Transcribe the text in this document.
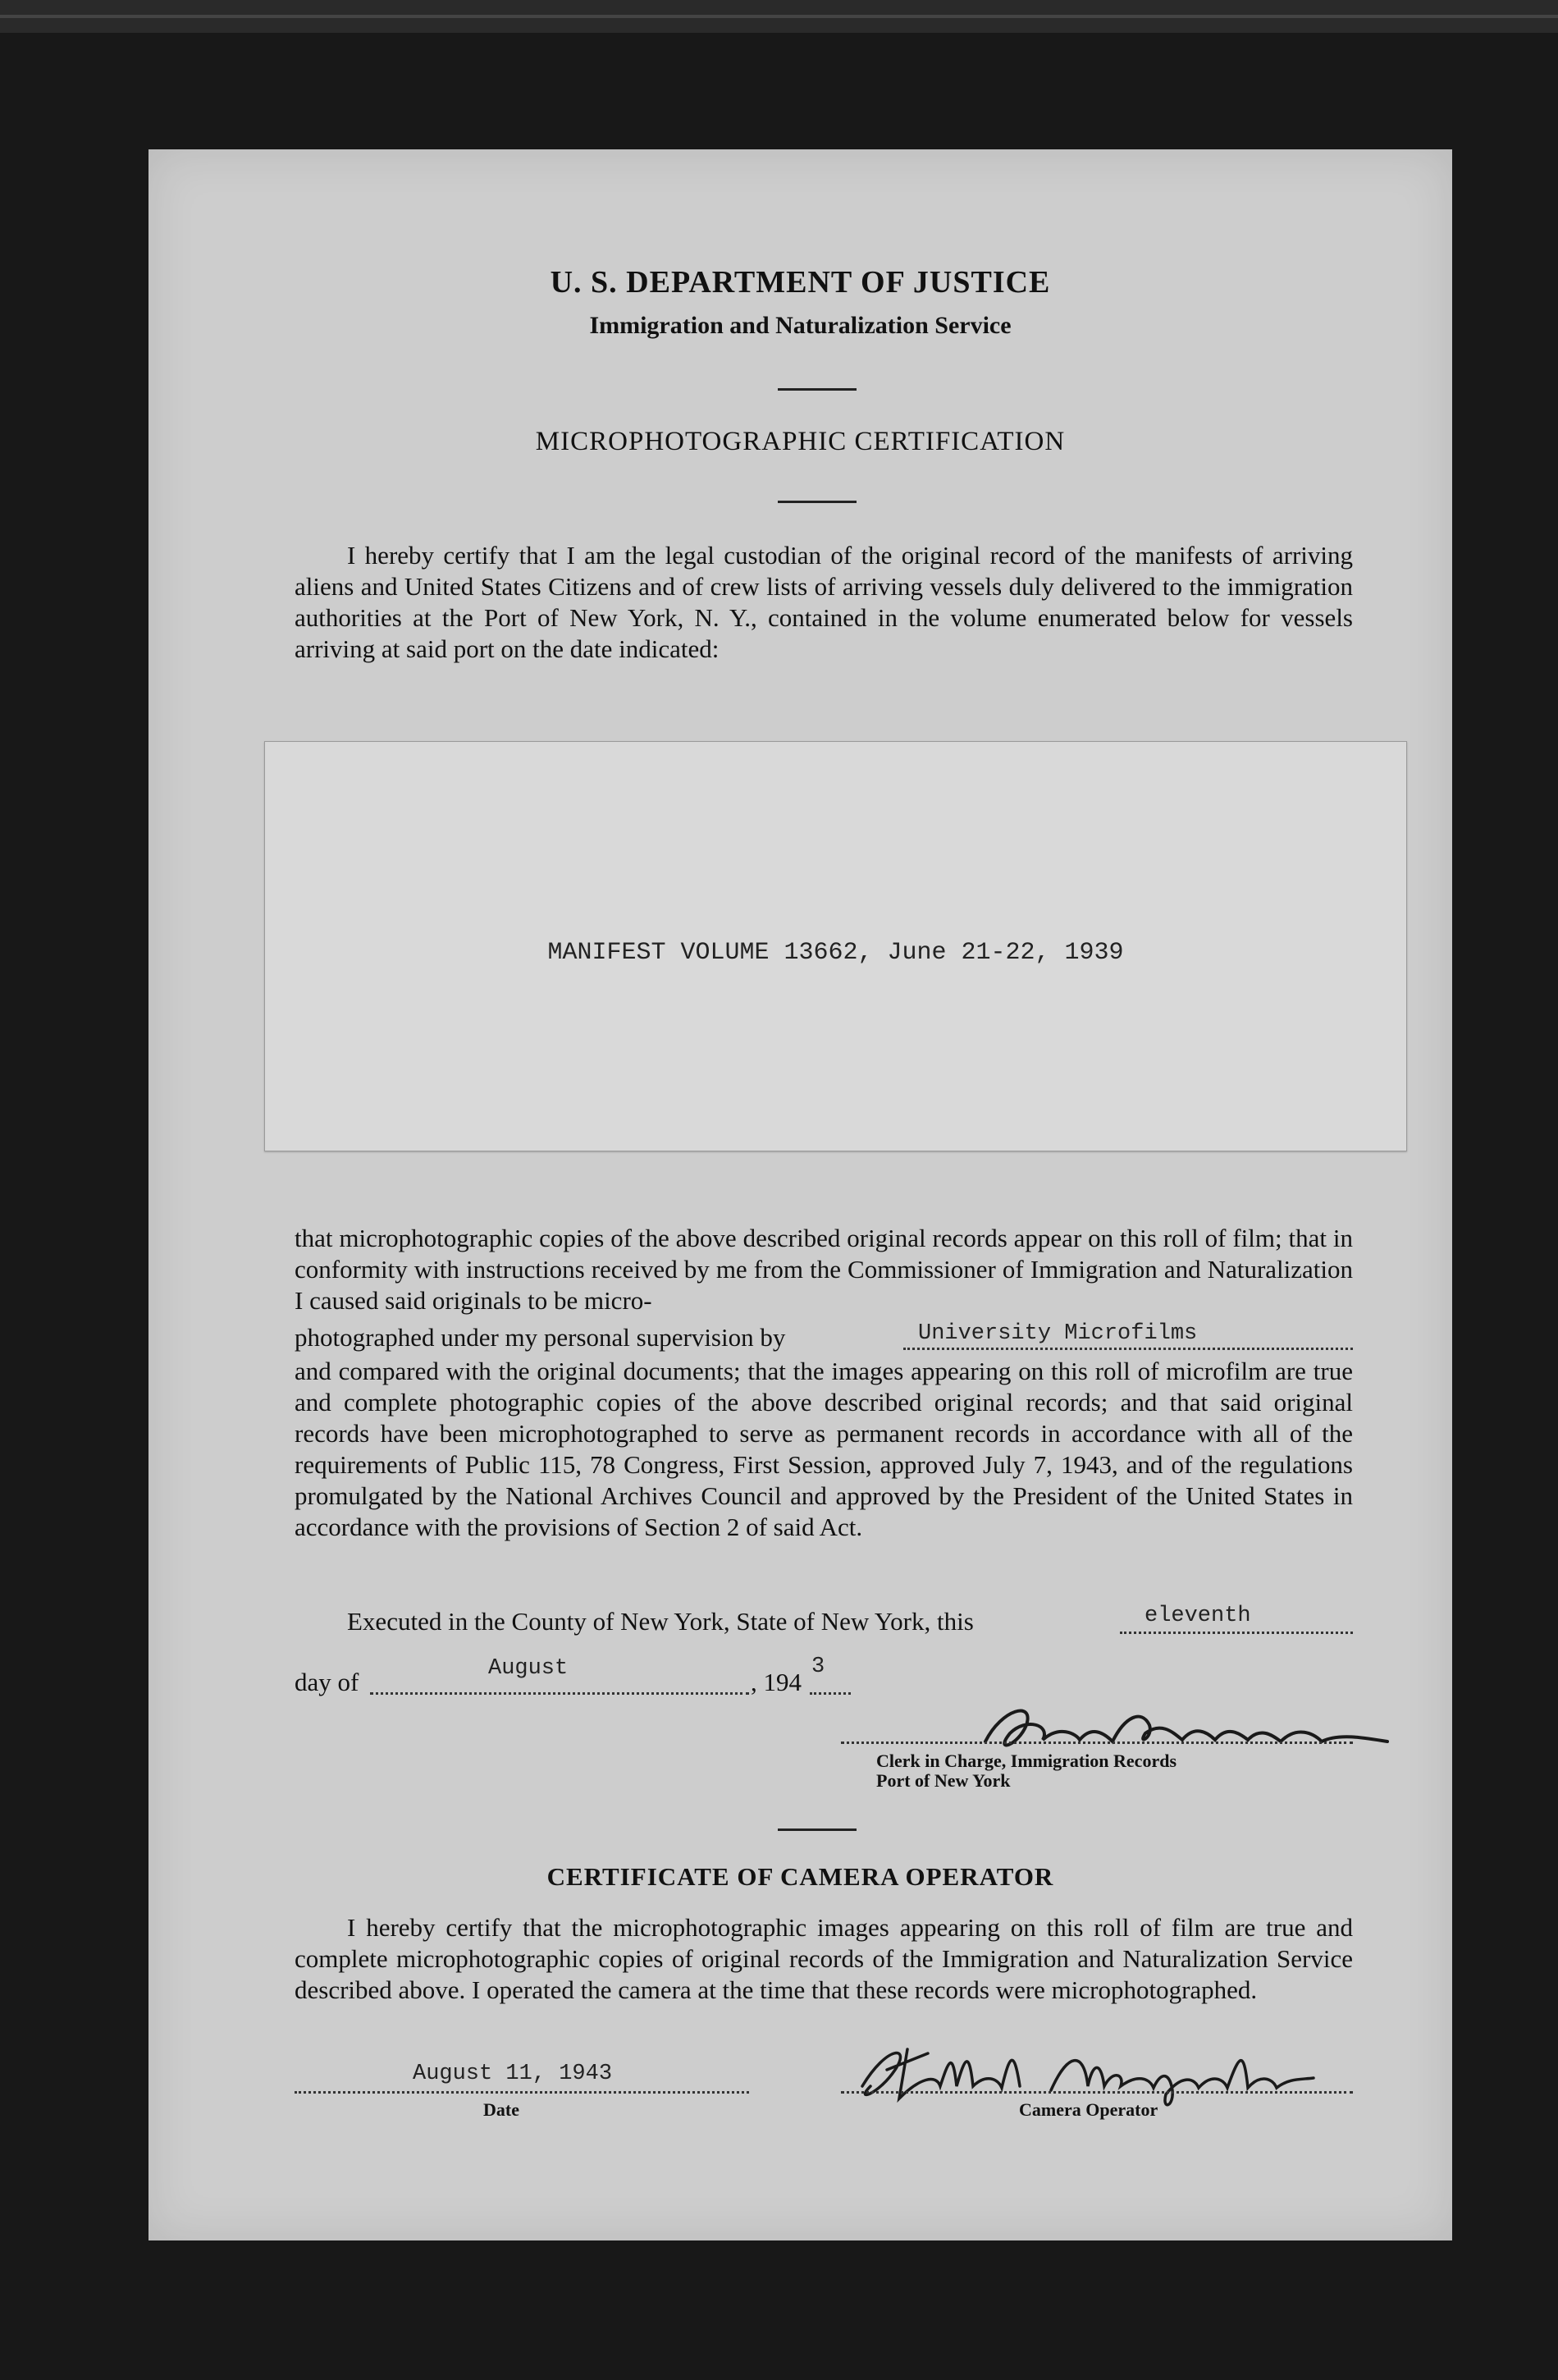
U. S. DEPARTMENT OF JUSTICE
Immigration and Naturalization Service
MICROPHOTOGRAPHIC CERTIFICATION

I hereby certify that I am the legal custodian of the original record of the manifests of arriving aliens and United States Citizens and of crew lists of arriving vessels duly delivered to the immigration authorities at the Port of New York, N. Y., contained in the volume enumerated below for vessels arriving at said port on the date indicated:

MANIFEST VOLUME 13662, June 21-22, 1939

that microphotographic copies of the above described original records appear on this roll of film; that in conformity with instructions received by me from the Commissioner of Immigration and Naturalization I caused said originals to be micro-

photographed under my personal supervision by	University Microfilms

and compared with the original documents; that the images appearing on this roll of microfilm are true and complete photographic copies of the above described original records; and that said original records have been microphotographed to serve as permanent records in accordance with all of the requirements of Public 115, 78 Congress, First Session, approved July 7, 1943, and of the regulations promulgated by the National Archives Council and approved by the President of the United States in accordance with the provisions of Section 2 of said Act.

Executed in the County of New York, State of New York, this	eleventh
day of	August	, 194
3
Clerk in Charge, Immigration Records
Port of New York
CERTIFICATE OF CAMERA OPERATOR

I hereby certify that the microphotographic images appearing on this roll of film are true and complete microphotographic copies of original records of the Immigration and Naturalization Service described above. I operated the camera at the time that these records were microphotographed.

August 11, 1943
Date	Camera Operator
